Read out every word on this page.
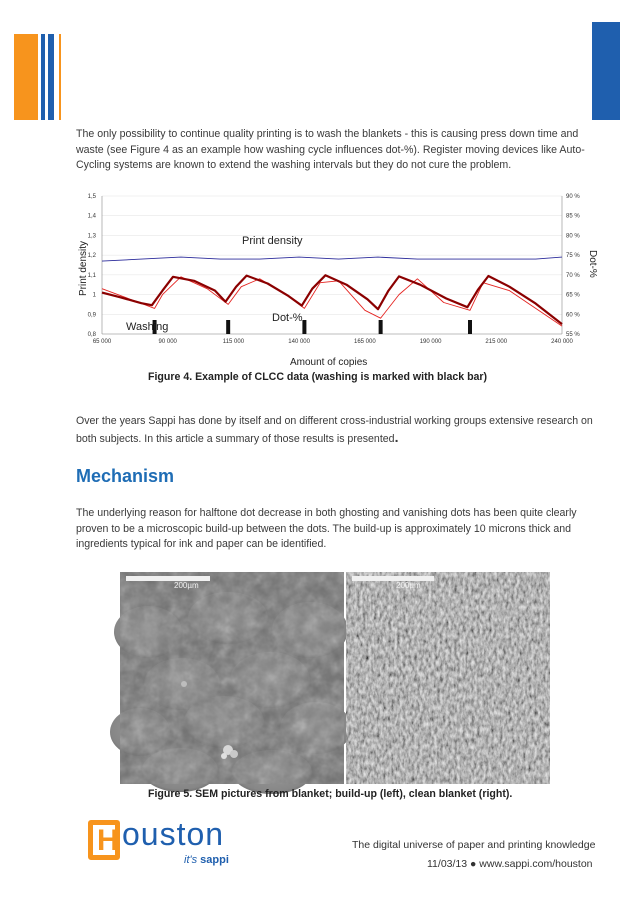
The only possibility to continue quality printing is to wash the blankets - this is causing press down time and waste (see Figure 4 as an example how washing cycle influences dot-%). Register moving devices like Auto-Cycling systems are known to extend the washing intervals but they do not cure the problem.

0,8
0,9
1
1,1
1,2
1,3
1,4
1,5
55 %
60 %
65 %
70 %
75 %
80 %
85 %
90 %
65 000	90 000	115 000	140 000	165 000	190 000	215 000	240 000
Print density
Dot-%
Washing
Print density	Dot-%
Amount of copies
Figure 4. Example of CLCC data (washing is marked with black bar)

Over the years Sappi has done by itself and on different cross-industrial working groups extensive research on both subjects. In this article a summary of those results is presented.

Mechanism

The underlying reason for halftone dot decrease in both ghosting and vanishing dots has been quite clearly proven to be a microscopic build-up between the dots. The build-up is approximately 10 microns thick and ingredients typical for ink and paper can be identified.

200µm	200µm
Figure 5. SEM pictures from blanket; build-up (left), clean blanket (right).
H ouston
it's sappi
The digital universe of paper and printing knowledge
11/03/13 ● www.sappi.com/houston
